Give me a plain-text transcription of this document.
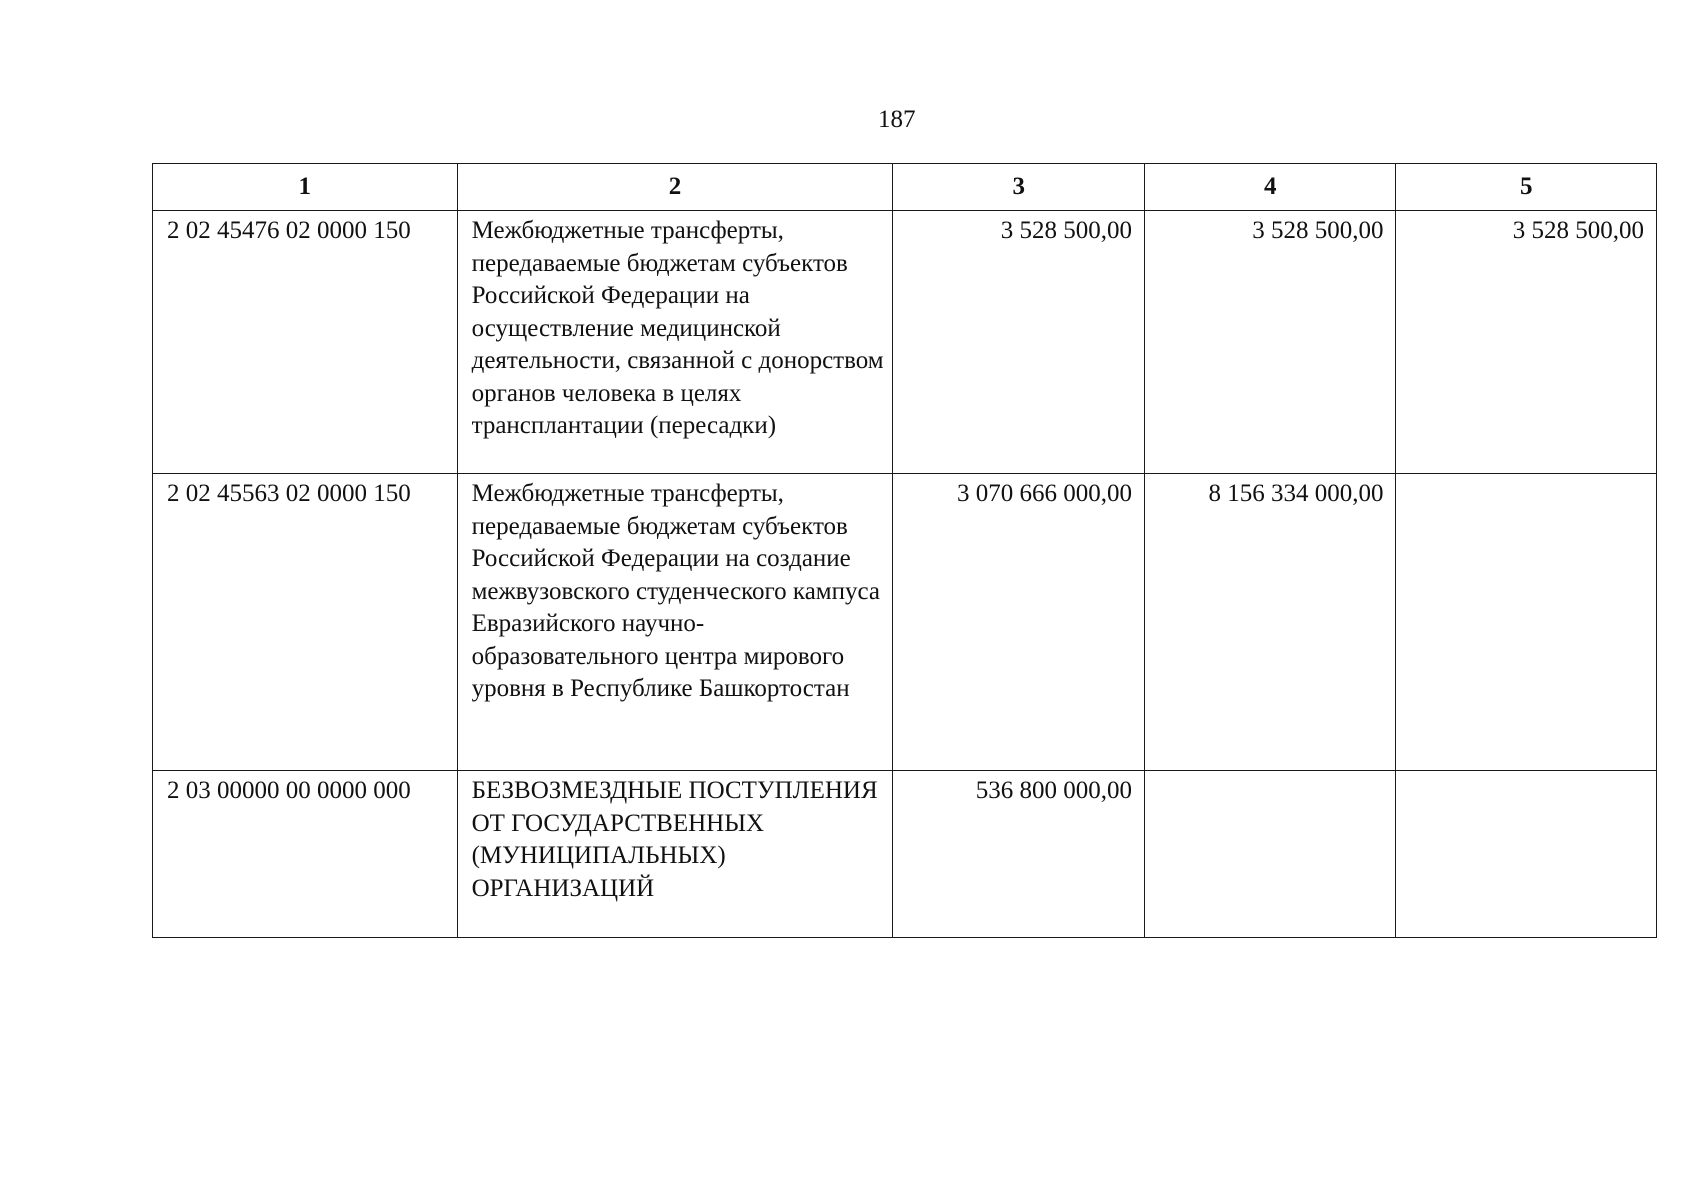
187
1	2	3	4	5
2 02 45476 02 0000 150	Межбюджетные трансферты, передаваемые бюджетам субъектов Российской Федерации на осуществление медицинской деятельности, связанной с донорством органов человека в целях трансплантации (пересадки)	3 528 500,00	3 528 500,00	3 528 500,00
2 02 45563 02 0000 150	Межбюджетные трансферты, передаваемые бюджетам субъектов Российской Федерации на создание межвузовского студенческого кампуса Евразийского научно-образовательного центра мирового уровня в Республике Башкортостан	3 070 666 000,00	8 156 334 000,00	
2 03 00000 00 0000 000	БЕЗВОЗМЕЗДНЫЕ ПОСТУПЛЕНИЯ ОТ ГОСУДАРСТВЕННЫХ (МУНИЦИПАЛЬНЫХ) ОРГАНИЗАЦИЙ	536 800 000,00		
